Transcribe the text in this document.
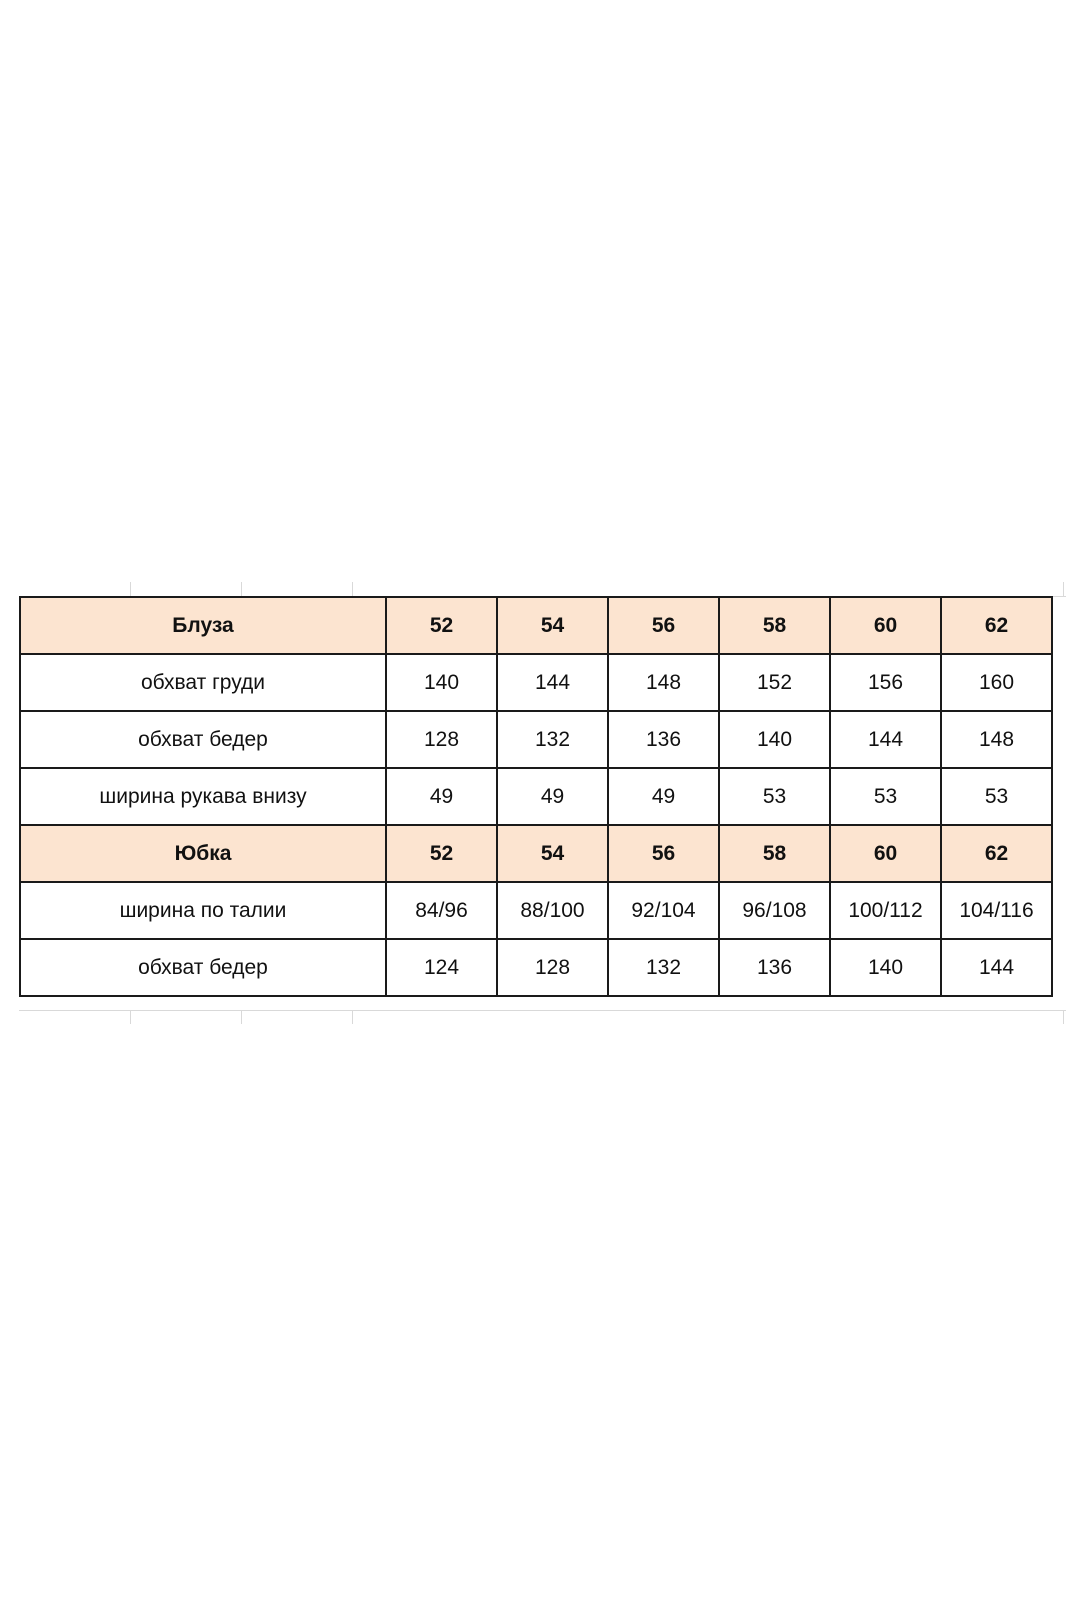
Блуза	52	54	56	58	60	62
обхват груди	140	144	148	152	156	160
обхват бедер	128	132	136	140	144	148
ширина рукава внизу	49	49	49	53	53	53
Юбка	52	54	56	58	60	62
ширина по талии	84/96	88/100	92/104	96/108	100/112	104/116
обхват бедер	124	128	132	136	140	144
